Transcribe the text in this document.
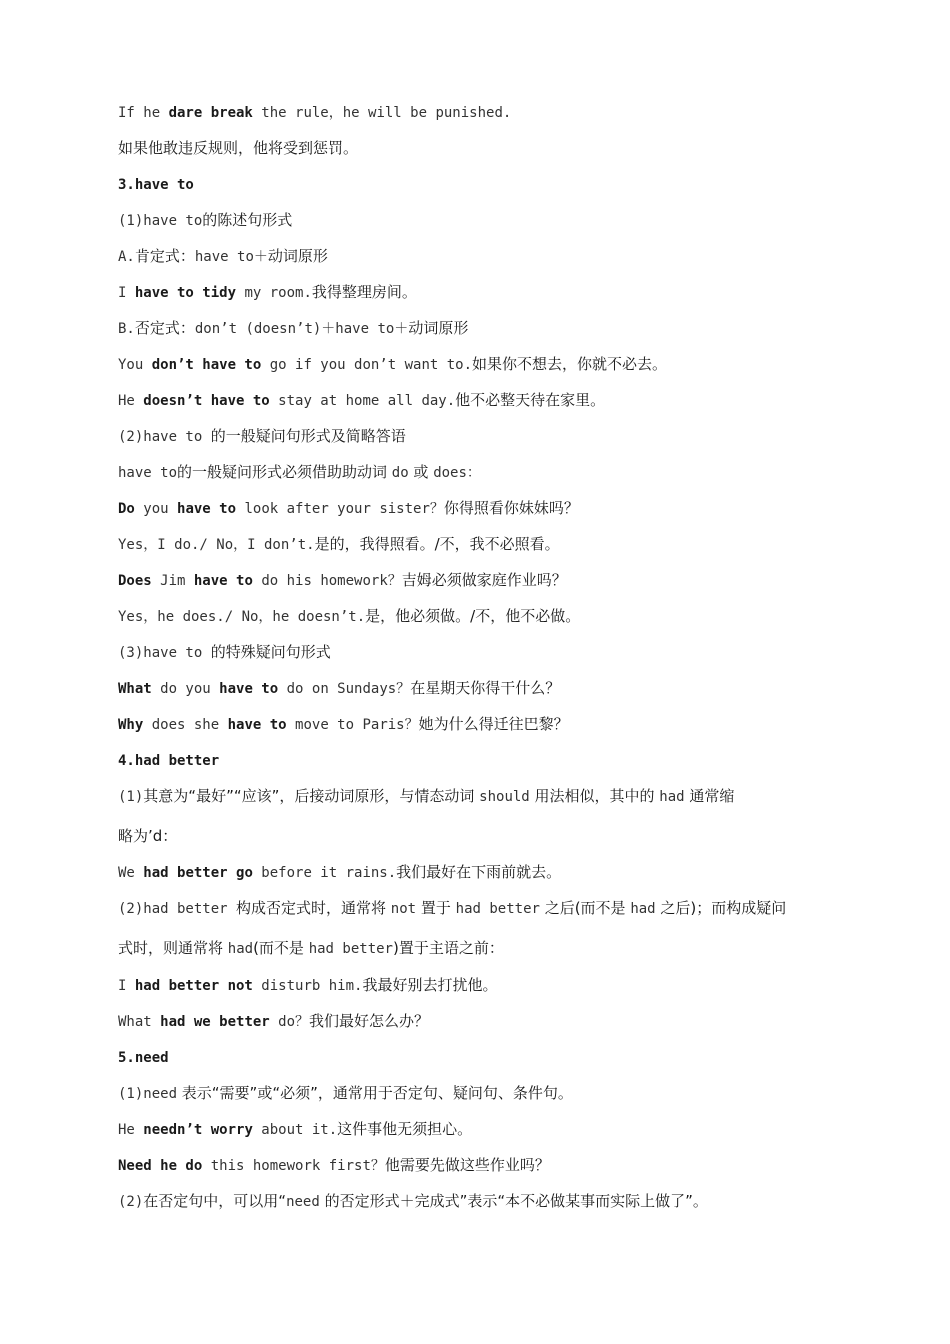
If he dare break the rule，he will be punished.
如果他敢违反规则，他将受到惩罚。
3.have to
(1)have to的陈述句形式
A.肯定式：have to＋动词原形
I have to tidy my room.我得整理房间。
B.否定式：don’t (doesn’t)＋have to＋动词原形
You don’t have to go if you don’t want to.如果你不想去，你就不必去。
He doesn’t have to stay at home all day.他不必整天待在家里。
(2)have to 的一般疑问句形式及简略答语
have to的一般疑问形式必须借助助动词 do 或 does：
Do you have to look after your sister？你得照看你妹妹吗？
Yes，I do./ No，I don’t.是的，我得照看。/不，我不必照看。
Does Jim have to do his homework？吉姆必须做家庭作业吗？
Yes，he does./ No，he doesn’t.是，他必须做。/不，他不必做。
(3)have to 的特殊疑问句形式
What do you have to do on Sundays？在星期天你得干什么？
Why does she have to move to Paris？她为什么得迁往巴黎？
4.had better
(1)其意为“最好”“应该”，后接动词原形，与情态动词 should 用法相似，其中的 had 通常缩
略为’d：
We had better go before it rains.我们最好在下雨前就去。
(2)had better 构成否定式时，通常将 not 置于 had better 之后(而不是 had 之后)；而构成疑问
式时，则通常将 had(而不是 had better)置于主语之前：
I had better not disturb him.我最好别去打扰他。
What had we better do？我们最好怎么办？
5.need
(1)need 表示“需要”或“必须”，通常用于否定句、疑问句、条件句。
He needn’t worry about it.这件事他无须担心。
Need he do this homework first？他需要先做这些作业吗？
(2)在否定句中，可以用“need 的否定形式＋完成式”表示“本不必做某事而实际上做了”。
